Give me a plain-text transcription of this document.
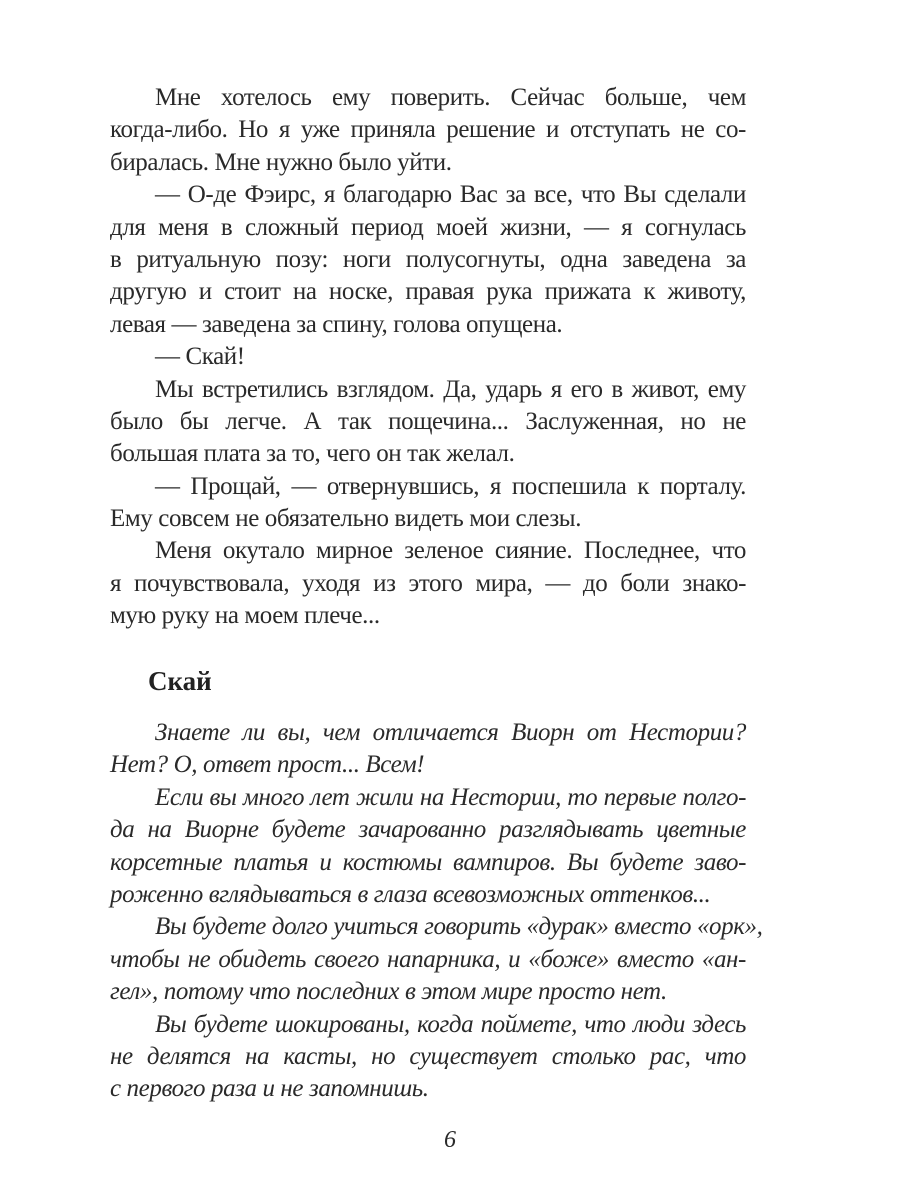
Мне хотелось ему поверить. Сейчас больше, чем
когда-либо. Но я уже приняла решение и отступать не со-
биралась. Мне нужно было уйти.
— О-де Фэирс, я благодарю Вас за все, что Вы сделали
для меня в сложный период моей жизни, — я согнулась
в ритуальную позу: ноги полусогнуты, одна заведена за
другую и стоит на носке, правая рука прижата к животу,
левая — заведена за спину, голова опущена.
— Скай!
Мы встретились взглядом. Да, ударь я его в живот, ему
было бы легче. А так пощечина... Заслуженная, но не
большая плата за то, чего он так желал.
— Прощай, — отвернувшись, я поспешила к порталу.
Ему совсем не обязательно видеть мои слезы.
Меня окутало мирное зеленое сияние. Последнее, что
я почувствовала, уходя из этого мира, — до боли знако-
мую руку на моем плече...
Скай
Знаете ли вы, чем отличается Виорн от Нестории?
Нет? О, ответ прост... Всем!
Если вы много лет жили на Нестории, то первые полго-
да на Виорне будете зачарованно разглядывать цветные
корсетные платья и костюмы вампиров. Вы будете заво-
роженно вглядываться в глаза всевозможных оттенков...
Вы будете долго учиться говорить «дурак» вместо «орк»,
чтобы не обидеть своего напарника, и «боже» вместо «ан-
гел», потому что последних в этом мире просто нет.
Вы будете шокированы, когда поймете, что люди здесь
не делятся на касты, но существует столько рас, что
с первого раза и не запомнишь.
6
